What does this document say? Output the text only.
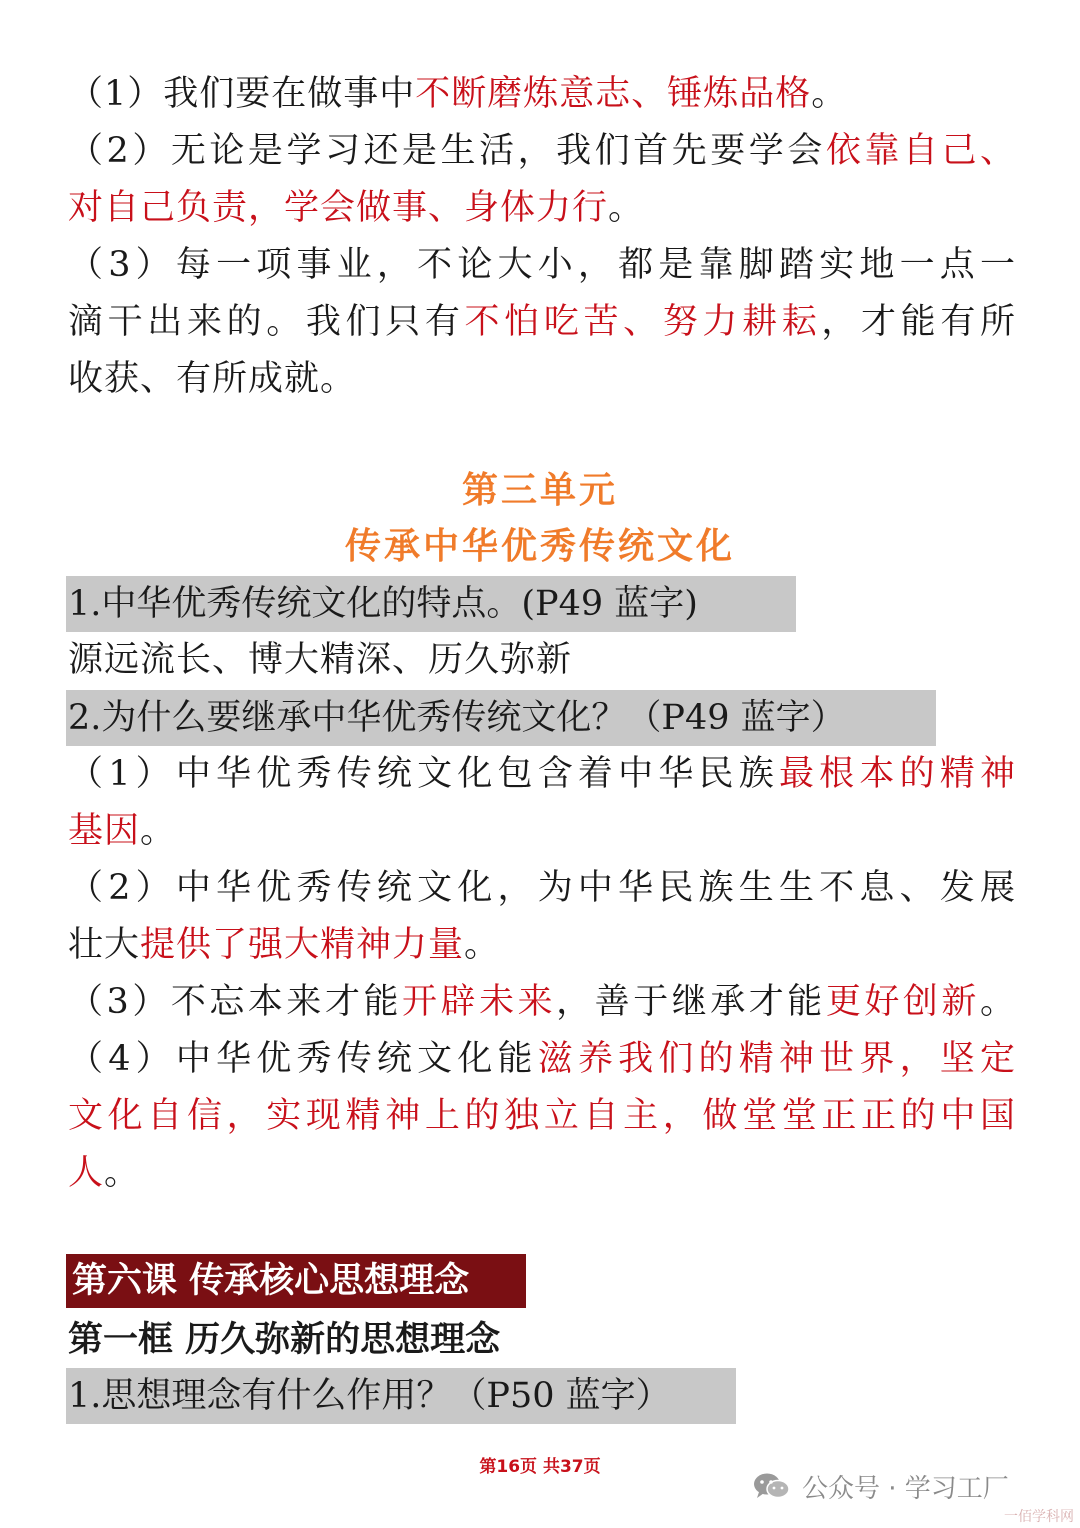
（1）我们要在做事中不断磨炼意志、锤炼品格。
（2）无论是学习还是生活，我们首先要学会依靠自己、
对自己负责，学会做事、身体力行。
（3）每一项事业，不论大小，都是靠脚踏实地一点一
滴干出来的。我们只有不怕吃苦、努力耕耘，才能有所
收获、有所成就。
第三单元
传承中华优秀传统文化
1.中华优秀传统文化的特点。(P49 蓝字)
源远流长、博大精深、历久弥新
2.为什么要继承中华优秀传统文化？（P49 蓝字）
（1）中华优秀传统文化包含着中华民族最根本的精神
基因。
（2）中华优秀传统文化，为中华民族生生不息、发展
壮大提供了强大精神力量。
（3）不忘本来才能开辟未来，善于继承才能更好创新。
（4）中华优秀传统文化能滋养我们的精神世界，坚定
文化自信，实现精神上的独立自主，做堂堂正正的中国
人。
第六课 传承核心思想理念
第一框 历久弥新的思想理念
1.思想理念有什么作用？（P50 蓝字）
第16页 共37页
公众号 · 学习工厂
一佰学科网
